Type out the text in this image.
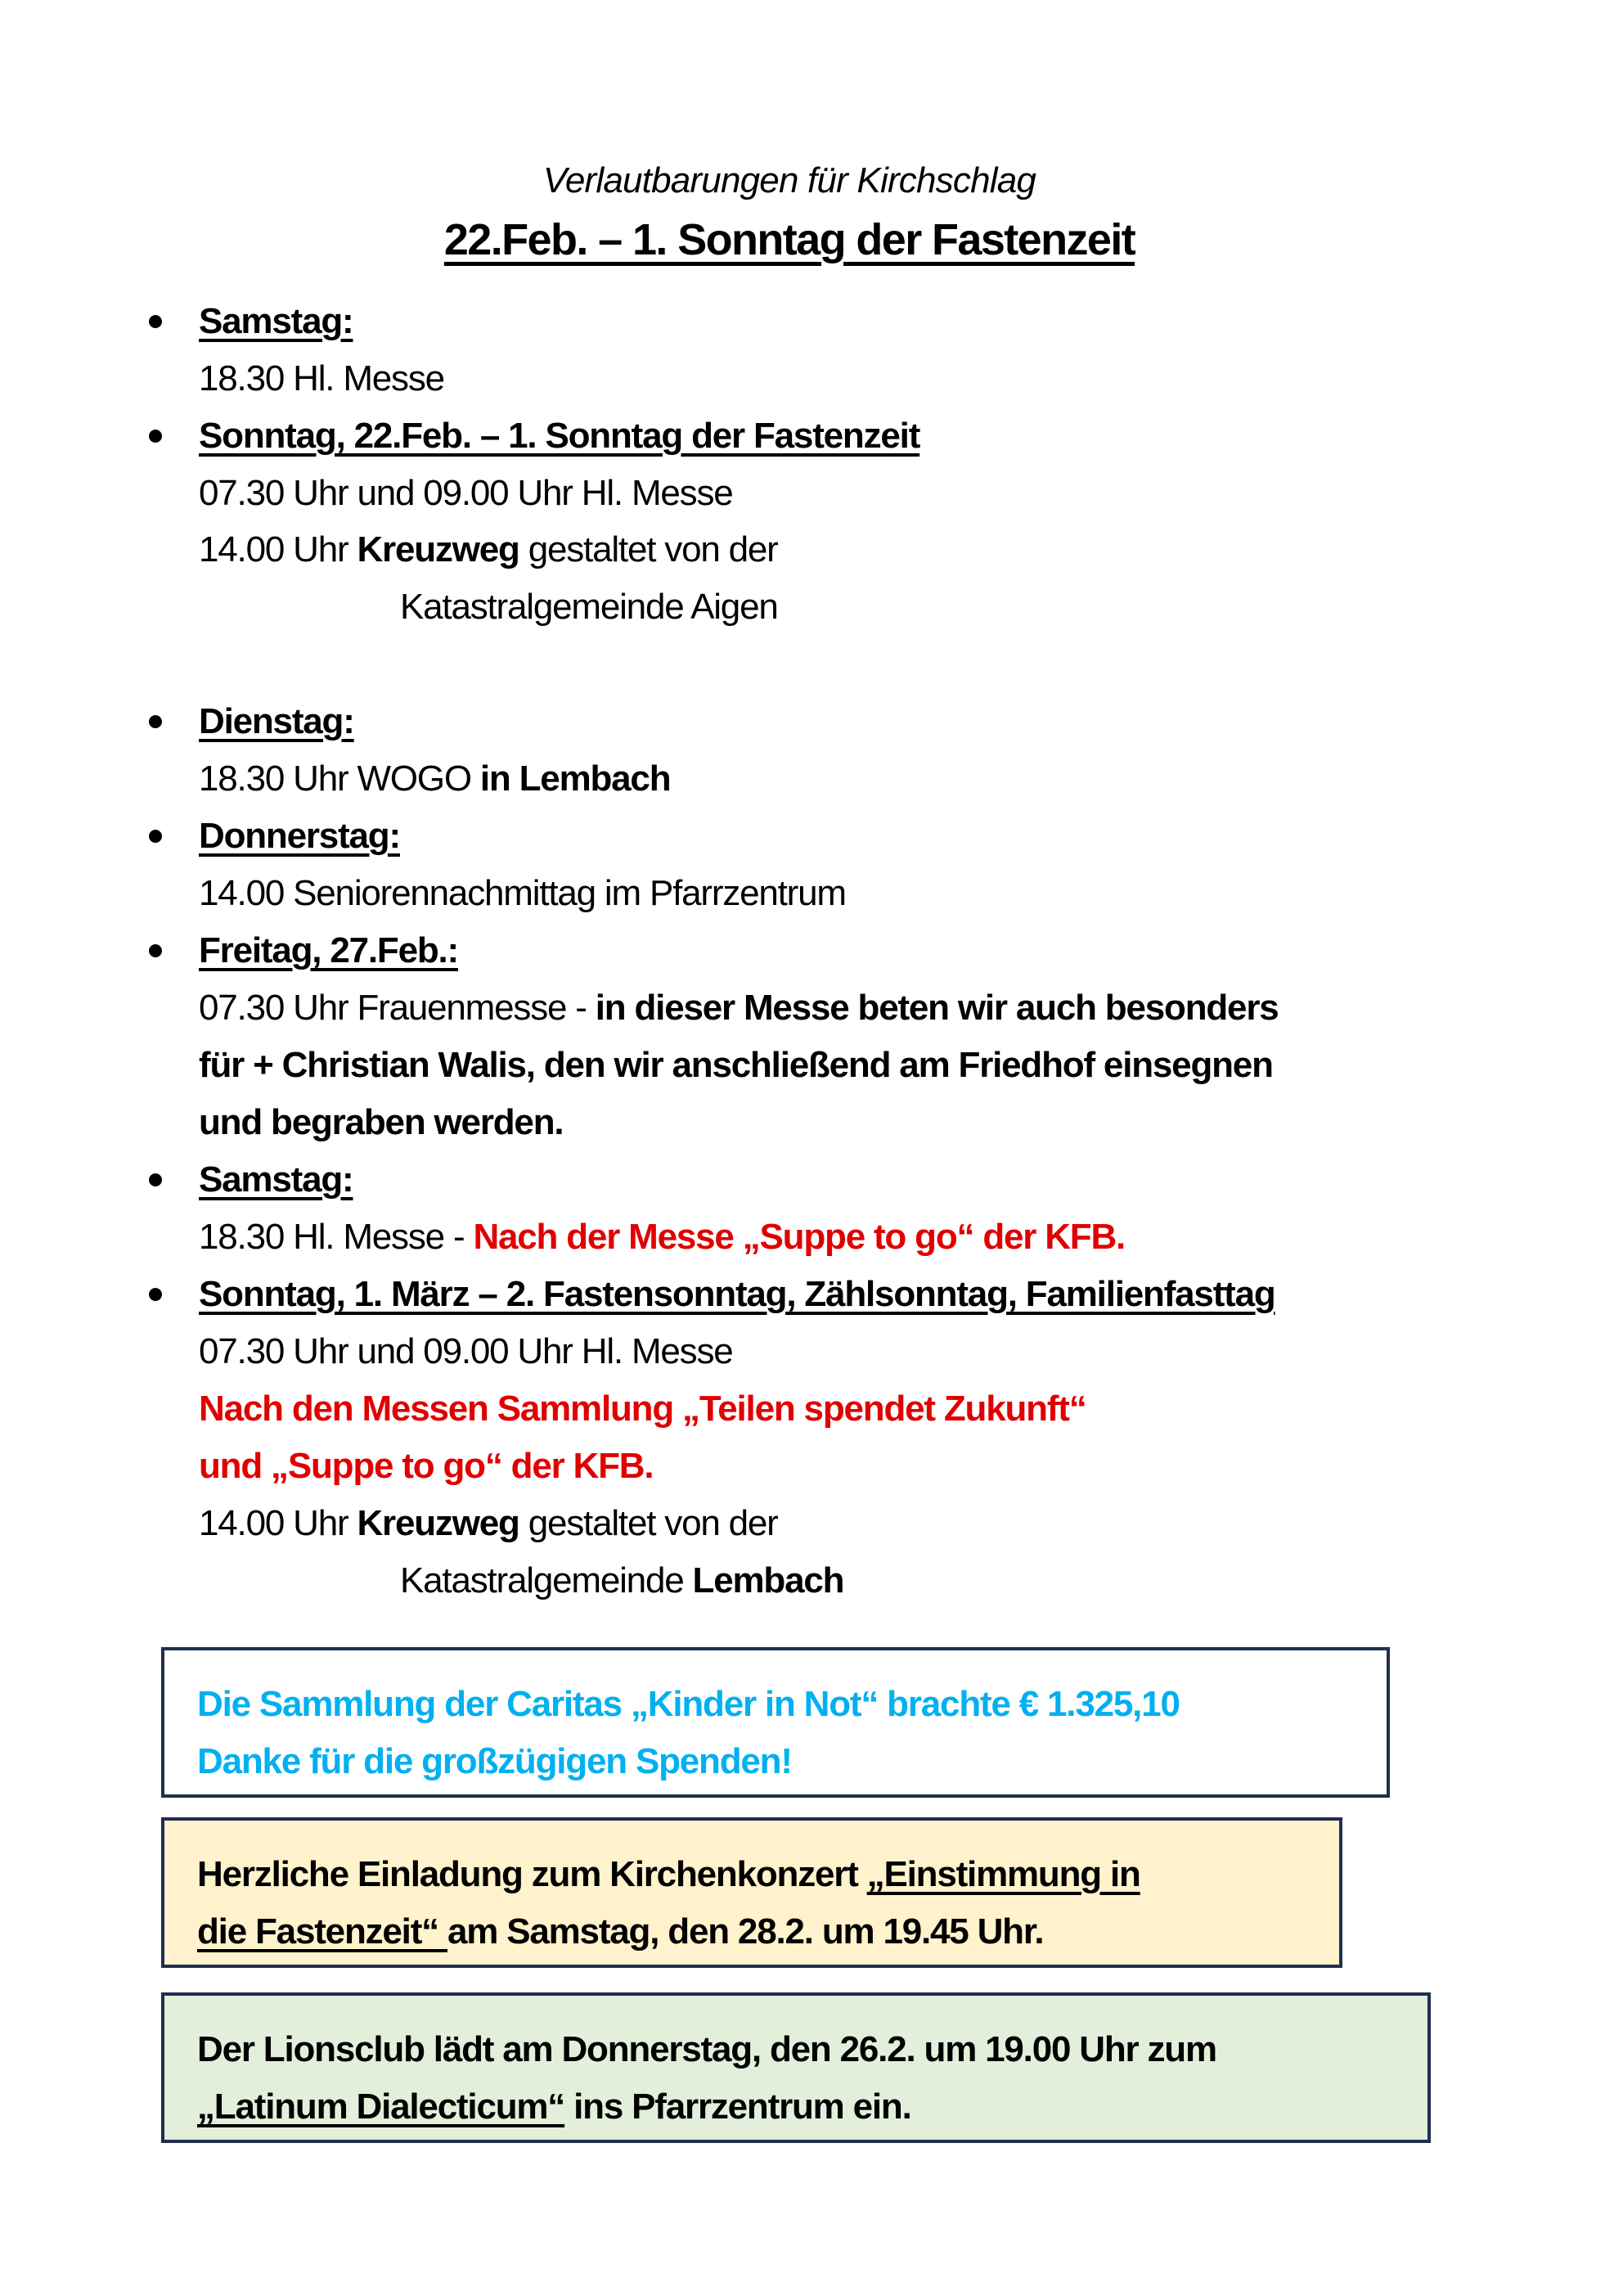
Verlautbarungen für Kirchschlag
22.Feb. – 1. Sonntag der Fastenzeit
Samstag:
18.30 Hl. Messe
Sonntag, 22.Feb. – 1. Sonntag der Fastenzeit
07.30 Uhr und 09.00 Uhr Hl. Messe
14.00 Uhr Kreuzweg gestaltet von der
Katastralgemeinde Aigen
Dienstag:
18.30 Uhr WOGO in Lembach
Donnerstag:
14.00 Seniorennachmittag im Pfarrzentrum
Freitag, 27.Feb.:
07.30 Uhr Frauenmesse - in dieser Messe beten wir auch besonders
für + Christian Walis, den wir anschließend am Friedhof einsegnen
und begraben werden.
Samstag:
18.30 Hl. Messe - Nach der Messe „Suppe to go“ der KFB.
Sonntag, 1. März – 2. Fastensonntag, Zählsonntag, Familienfasttag
07.30 Uhr und 09.00 Uhr Hl. Messe
Nach den Messen Sammlung „Teilen spendet Zukunft“
und „Suppe to go“ der KFB.
14.00 Uhr Kreuzweg gestaltet von der
Katastralgemeinde Lembach
Die Sammlung der Caritas „Kinder in Not“ brachte € 1.325,10
Danke für die großzügigen Spenden!
Herzliche Einladung zum Kirchenkonzert „Einstimmung in
die Fastenzeit“ am Samstag, den 28.2. um 19.45 Uhr.
Der Lionsclub lädt am Donnerstag, den 26.2. um 19.00 Uhr zum
„Latinum Dialecticum“ ins Pfarrzentrum ein.
